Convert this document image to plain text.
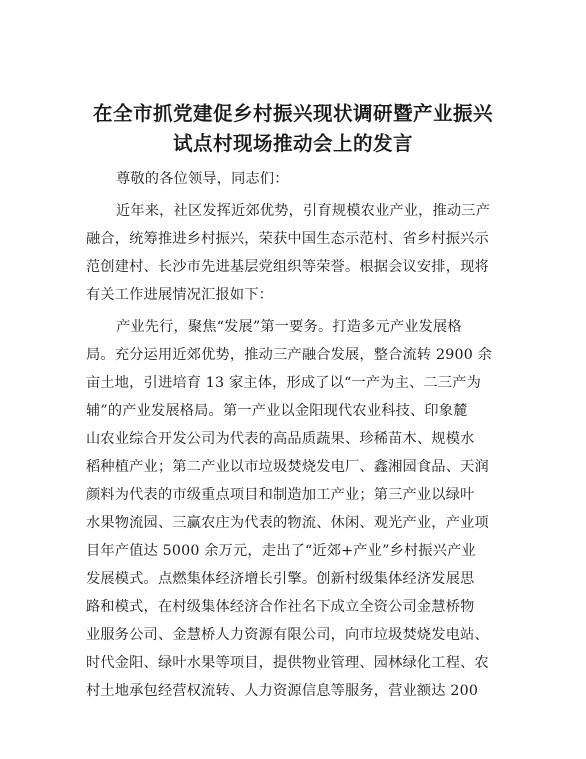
在全市抓党建促乡村振兴现状调研暨产业振兴
试点村现场推动会上的发言
尊敬的各位领导，同志们：
近年来，社区发挥近郊优势，引育规模农业产业，推动三产
融合，统筹推进乡村振兴，荣获中国生态示范村、省乡村振兴示
范创建村、长沙市先进基层党组织等荣誉。根据会议安排，现将
有关工作进展情况汇报如下：
产业先行，聚焦“发展”第一要务。打造多元产业发展格
局。充分运用近郊优势，推动三产融合发展，整合流转 2900 余
亩土地，引进培育 13 家主体，形成了以“一产为主、二三产为
辅”的产业发展格局。第一产业以金阳现代农业科技、印象麓
山农业综合开发公司为代表的高品质蔬果、珍稀苗木、规模水
稻种植产业；第二产业以市垃圾焚烧发电厂、鑫湘园食品、天润
颜料为代表的市级重点项目和制造加工产业；第三产业以绿叶
水果物流园、三赢农庄为代表的物流、休闲、观光产业，产业项
目年产值达 5000 余万元，走出了“近郊+产业”乡村振兴产业
发展模式。点燃集体经济增长引擎。创新村级集体经济发展思
路和模式，在村级集体经济合作社名下成立全资公司金慧桥物
业服务公司、金慧桥人力资源有限公司，向市垃圾焚烧发电站、
时代金阳、绿叶水果等项目，提供物业管理、园林绿化工程、农
村土地承包经营权流转、人力资源信息等服务，营业额达 200
